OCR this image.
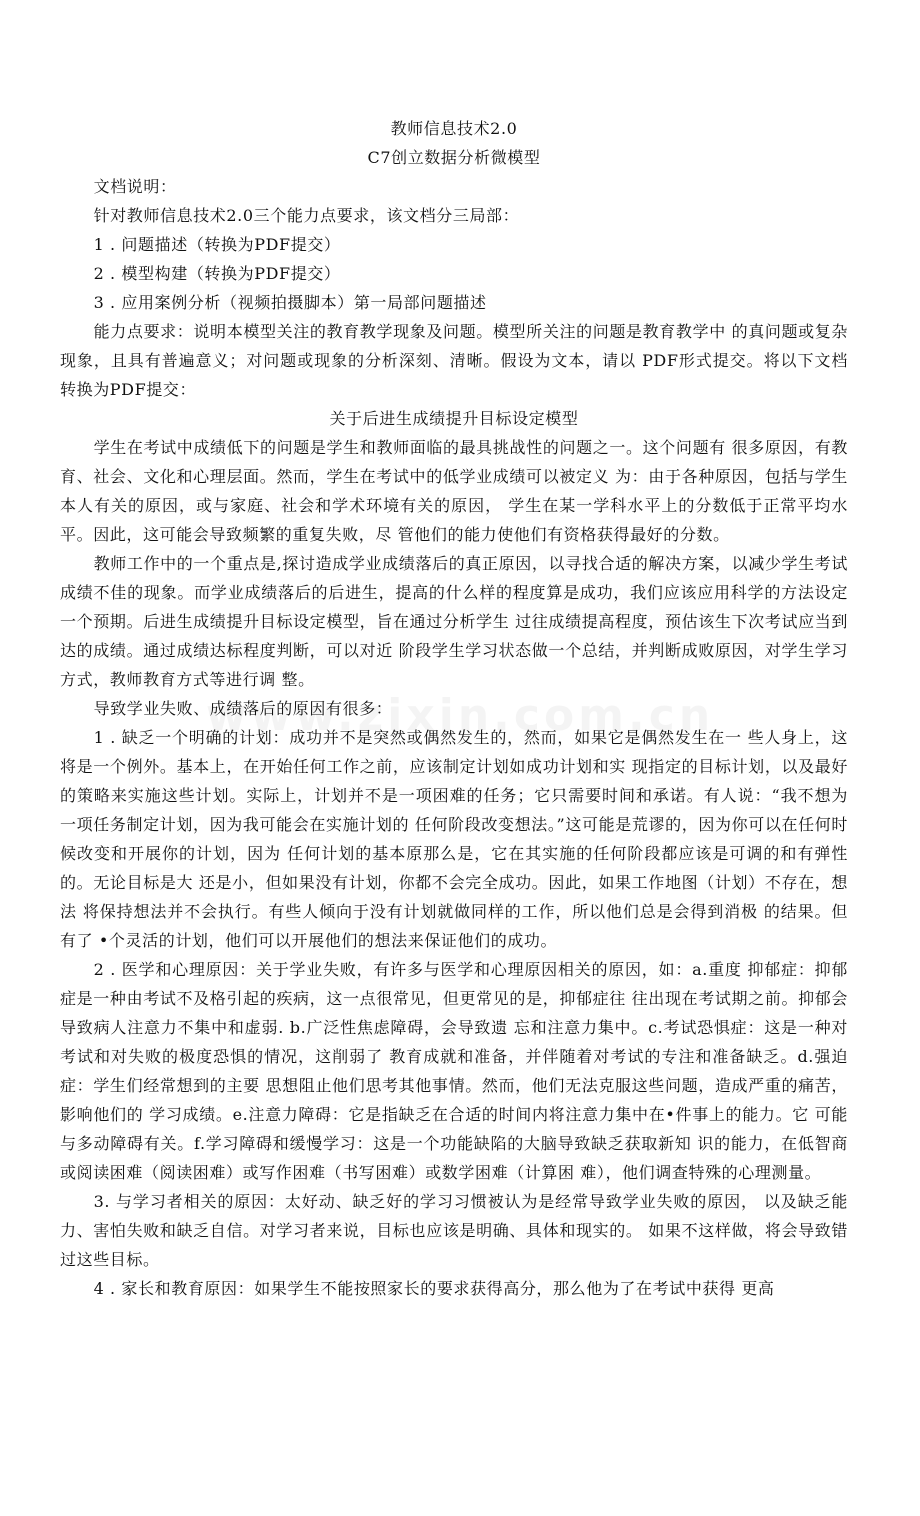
教师信息技术2.0
C7创立数据分析微模型

文档说明：

针对教师信息技术2.0三个能力点要求，该文档分三局部：

1 . 问题描述（转换为PDF提交）

2 . 模型构建（转换为PDF提交）

3 . 应用案例分析（视频拍摄脚本）第一局部问题描述

能力点要求：说明本模型关注的教育教学现象及问题。模型所关注的问题是教育教学中 的真问题或复杂现象，且具有普遍意义；对问题或现象的分析深刻、清晰。假设为文本，请以 PDF形式提交。将以下文档转换为PDF提交：

关于后进生成绩提升目标设定模型

学生在考试中成绩低下的问题是学生和教师面临的最具挑战性的问题之一。这个问题有 很多原因，有教育、社会、文化和心理层面。然而，学生在考试中的低学业成绩可以被定义 为：由于各种原因，包括与学生本人有关的原因，或与家庭、社会和学术环境有关的原因， 学生在某一学科水平上的分数低于正常平均水平。因此，这可能会导致频繁的重复失败，尽 管他们的能力使他们有资格获得最好的分数。

教师工作中的一个重点是,探讨造成学业成绩落后的真正原因，以寻找合适的解决方案，以减少学生考试成绩不佳的现象。而学业成绩落后的后进生，提高的什么样的程度算是成功，我们应该应用科学的方法设定一个预期。后进生成绩提升目标设定模型，旨在通过分析学生 过往成绩提高程度，预估该生下次考试应当到达的成绩。通过成绩达标程度判断，可以对近 阶段学生学习状态做一个总结，并判断成败原因，对学生学习方式，教师教育方式等进行调 整。

导致学业失败、成绩落后的原因有很多：

1 . 缺乏一个明确的计划：成功并不是突然或偶然发生的，然而，如果它是偶然发生在一 些人身上，这将是一个例外。基本上，在开始任何工作之前，应该制定计划如成功计划和实 现指定的目标计划，以及最好的策略来实施这些计划。实际上，计划并不是一项困难的任务；它只需要时间和承诺。有人说：“我不想为一项任务制定计划，因为我可能会在实施计划的 任何阶段改变想法。”这可能是荒谬的，因为你可以在任何时候改变和开展你的计划，因为 任何计划的基本原那么是，它在其实施的任何阶段都应该是可调的和有弹性的。无论目标是大 还是小，但如果没有计划，你都不会完全成功。因此，如果工作地图（计划）不存在，想法 将保持想法并不会执行。有些人倾向于没有计划就做同样的工作，所以他们总是会得到消极 的结果。但有了 •个灵活的计划，他们可以开展他们的想法来保证他们的成功。

2 . 医学和心理原因：关于学业失败，有许多与医学和心理原因相关的原因，如：a.重度 抑郁症：抑郁症是一种由考试不及格引起的疾病，这一点很常见，但更常见的是，抑郁症往 往出现在考试期之前。抑郁会导致病人注意力不集中和虚弱. b.广泛性焦虑障碍，会导致遗 忘和注意力集中。c.考试恐惧症：这是一种对考试和对失败的极度恐惧的情况，这削弱了 教育成就和准备，并伴随着对考试的专注和准备缺乏。d.强迫症：学生们经常想到的主要 思想阻止他们思考其他事情。然而，他们无法克服这些问题，造成严重的痛苦，影响他们的 学习成绩。e.注意力障碍：它是指缺乏在合适的时间内将注意力集中在•件事上的能力。它 可能与多动障碍有关。f.学习障碍和缓慢学习：这是一个功能缺陷的大脑导致缺乏获取新知 识的能力，在低智商或阅读困难（阅读困难）或写作困难（书写困难）或数学困难（计算困 难），他们调查特殊的心理测量。

3. 与学习者相关的原因：太好动、缺乏好的学习习惯被认为是经常导致学业失败的原因， 以及缺乏能力、害怕失败和缺乏自信。对学习者来说，目标也应该是明确、具体和现实的。 如果不这样做，将会导致错过这些目标。

4 . 家长和教育原因：如果学生不能按照家长的要求获得高分，那么他为了在考试中获得 更高
